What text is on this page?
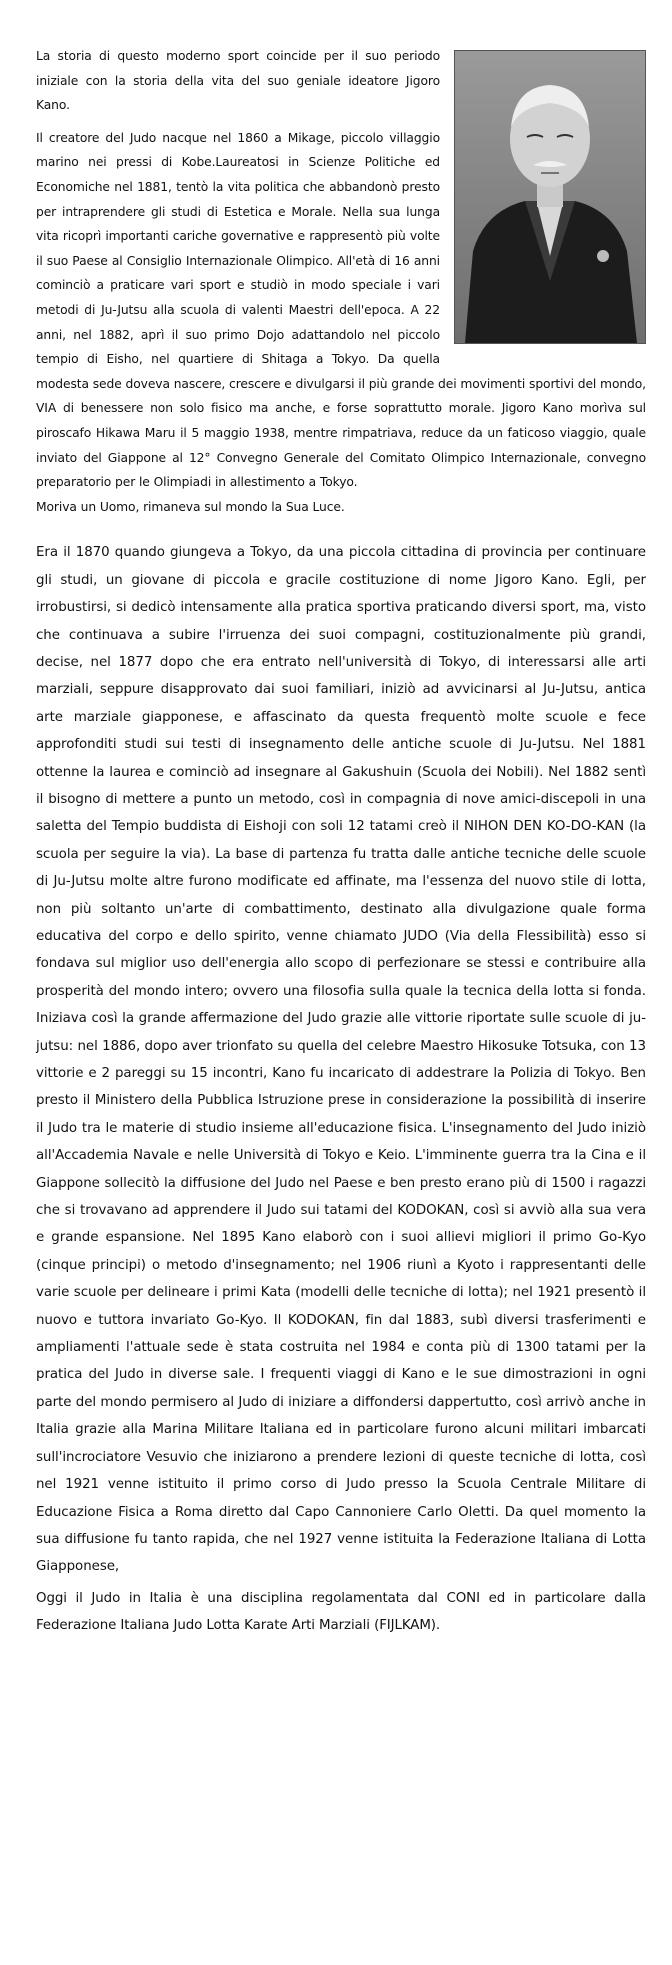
La storia di questo moderno sport coincide per il suo periodo iniziale con la storia della vita del suo geniale ideatore Jigoro Kano.

Il creatore del Judo nacque nel 1860 a Mikage, piccolo villaggio marino nei pressi di Kobe.Laureatosi in Scienze Politiche ed Economiche nel 1881, tentò la vita politica che abbandonò presto per intraprendere gli studi di Estetica e Morale. Nella sua lunga vita ricoprì importanti cariche governative e rappresentò più volte il suo Paese al Consiglio Internazionale Olimpico. All'età di 16 anni cominciò a praticare vari sport e studiò in modo speciale i vari metodi di Ju-Jutsu alla scuola di valenti Maestri dell'epoca. A 22 anni, nel 1882, aprì il suo primo Dojo adattandolo nel piccolo tempio di Eisho, nel quartiere di Shitaga a Tokyo. Da quella modesta sede doveva nascere, crescere e divulgarsi il più grande dei movimenti sportivi del mondo, VIA di benessere non solo fisico ma anche, e forse soprattutto morale. Jigoro Kano morìva sul piroscafo Hikawa Maru il 5 maggio 1938, mentre rimpatriava, reduce da un faticoso viaggio, quale inviato del Giappone al 12° Convegno Generale del Comitato Olimpico Internazionale, convegno preparatorio per le Olimpiadi in allestimento a Tokyo.

Moriva un Uomo, rimaneva sul mondo la Sua Luce.

Era il 1870 quando giungeva a Tokyo, da una piccola cittadina di provincia per continuare gli studi, un giovane di piccola e gracile costituzione di nome Jigoro Kano. Egli, per irrobustirsi, si dedicò intensamente alla pratica sportiva praticando diversi sport, ma, visto che continuava a subire l'irruenza dei suoi compagni, costituzionalmente più grandi, decise, nel 1877 dopo che era entrato nell'università di Tokyo, di interessarsi alle arti marziali, seppure disapprovato dai suoi familiari, iniziò ad avvicinarsi al Ju-Jutsu, antica arte marziale giapponese, e affascinato da questa frequentò molte scuole e fece approfonditi studi sui testi di insegnamento delle antiche scuole di Ju-Jutsu. Nel 1881 ottenne la laurea e cominciò ad insegnare al Gakushuin (Scuola dei Nobili). Nel 1882 sentì il bisogno di mettere a punto un metodo, così in compagnia di nove amici-discepoli in una saletta del Tempio buddista di Eishoji con soli 12 tatami creò il NIHON DEN KO-DO-KAN (la scuola per seguire la via). La base di partenza fu tratta dalle antiche tecniche delle scuole di Ju-Jutsu molte altre furono modificate ed affinate, ma l'essenza del nuovo stile di lotta, non più soltanto un'arte di combattimento, destinato alla divulgazione quale forma educativa del corpo e dello spirito, venne chiamato JUDO (Via della Flessibilità) esso si fondava sul miglior uso dell'energia allo scopo di perfezionare se stessi e contribuire alla prosperità del mondo intero; ovvero una filosofia sulla quale la tecnica della lotta si fonda. Iniziava così la grande affermazione del Judo grazie alle vittorie riportate sulle scuole di ju-jutsu: nel 1886, dopo aver trionfato su quella del celebre Maestro Hikosuke Totsuka, con 13 vittorie e 2 pareggi su 15 incontri, Kano fu incaricato di addestrare la Polizia di Tokyo. Ben presto il Ministero della Pubblica Istruzione prese in considerazione la possibilità di inserire il Judo tra le materie di studio insieme all'educazione fisica. L'insegnamento del Judo iniziò all'Accademia Navale e nelle Università di Tokyo e Keio. L'imminente guerra tra la Cina e il Giappone sollecitò la diffusione del Judo nel Paese e ben presto erano più di 1500 i ragazzi che si trovavano ad apprendere il Judo sui tatami del KODOKAN, così si avviò alla sua vera e grande espansione. Nel 1895 Kano elaborò con i suoi allievi migliori il primo Go-Kyo (cinque principi) o metodo d'insegnamento; nel 1906 riunì a Kyoto i rappresentanti delle varie scuole per delineare i primi Kata (modelli delle tecniche di lotta); nel 1921 presentò il nuovo e tuttora invariato Go-Kyo. Il KODOKAN, fin dal 1883, subì diversi trasferimenti e ampliamenti l'attuale sede è stata costruita nel 1984 e conta più di 1300 tatami per la pratica del Judo in diverse sale. I frequenti viaggi di Kano e le sue dimostrazioni in ogni parte del mondo permisero al Judo di iniziare a diffondersi dappertutto, così arrivò anche in Italia grazie alla Marina Militare Italiana ed in particolare furono alcuni militari imbarcati sull'incrociatore Vesuvio che iniziarono a prendere lezioni di queste tecniche di lotta, così nel 1921 venne istituito il primo corso di Judo presso la Scuola Centrale Militare di Educazione Fisica a Roma diretto dal Capo Cannoniere Carlo Oletti. Da quel momento la sua diffusione fu tanto rapida, che nel 1927 venne istituita la Federazione Italiana di Lotta Giapponese,

Oggi il Judo in Italia è una disciplina regolamentata dal CONI ed in particolare dalla Federazione Italiana Judo Lotta Karate Arti Marziali (FIJLKAM).
